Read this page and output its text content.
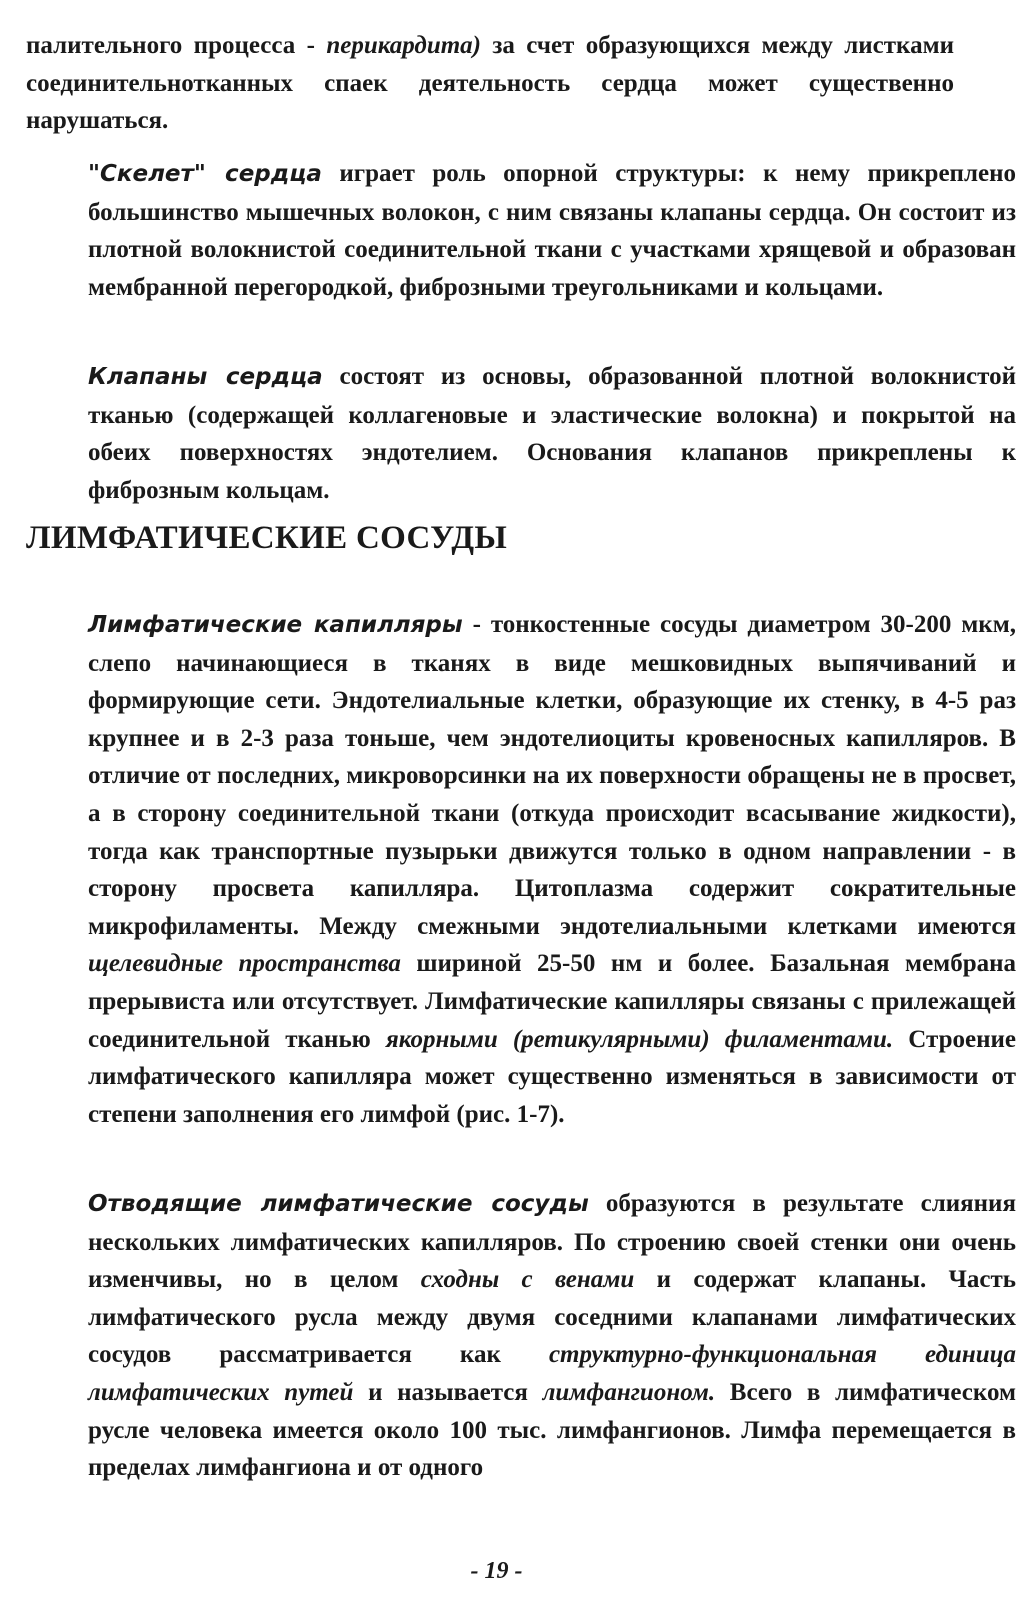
палительного процесса - перикардита) за счет образующихся между листками соединительнотканных спаек деятельность сердца может существенно нарушаться.

"Скелет" сердца играет роль опорной структуры: к нему прикреплено большинство мышечных волокон, с ним связаны клапаны сердца. Он состоит из плотной волокнистой соединительной ткани с участками хрящевой и образован мембранной перегородкой, фиброзными треугольниками и кольцами.

Клапаны сердца состоят из основы, образованной плотной волокнистой тканью (содержащей коллагеновые и эластические волокна) и покрытой на обеих поверхностях эндотелием. Основания клапанов прикреплены к фиброзным кольцам.

ЛИМФАТИЧЕСКИЕ СОСУДЫ

Лимфатические капилляры - тонкостенные сосуды диаметром 30-200 мкм, слепо начинающиеся в тканях в виде мешковидных выпячиваний и формирующие сети. Эндотелиальные клетки, образующие их стенку, в 4-5 раз крупнее и в 2-3 раза тоньше, чем эндотелиоциты кровеносных капилляров. В отличие от последних, микроворсинки на их поверхности обращены не в просвет, а в сторону соединительной ткани (откуда происходит всасывание жидкости), тогда как транспортные пузырьки движутся только в одном направлении - в сторону просвета капилляра. Цитоплазма содержит сократительные микрофиламенты. Между смежными эндотелиальными клетками имеются щелевидные пространства шириной 25-50 нм и более. Базальная мембрана прерывиста или отсутствует. Лимфатические капилляры связаны с прилежащей соединительной тканью якорными (ретикулярными) филаментами. Строение лимфатического капилляра может существенно изменяться в зависимости от степени заполнения его лимфой (рис. 1-7).

Отводящие лимфатические сосуды образуются в результате слияния нескольких лимфатических капилляров. По строению своей стенки они очень изменчивы, но в целом сходны с венами и содержат клапаны. Часть лимфатического русла между двумя соседними клапанами лимфатических сосудов рассматривается как структурно-функциональная единица лимфатических путей и называется лимфангионом. Всего в лимфатическом русле человека имеется около 100 тыс. лимфангионов. Лимфа перемещается в пределах лимфангиона и от одного

- 19 -
